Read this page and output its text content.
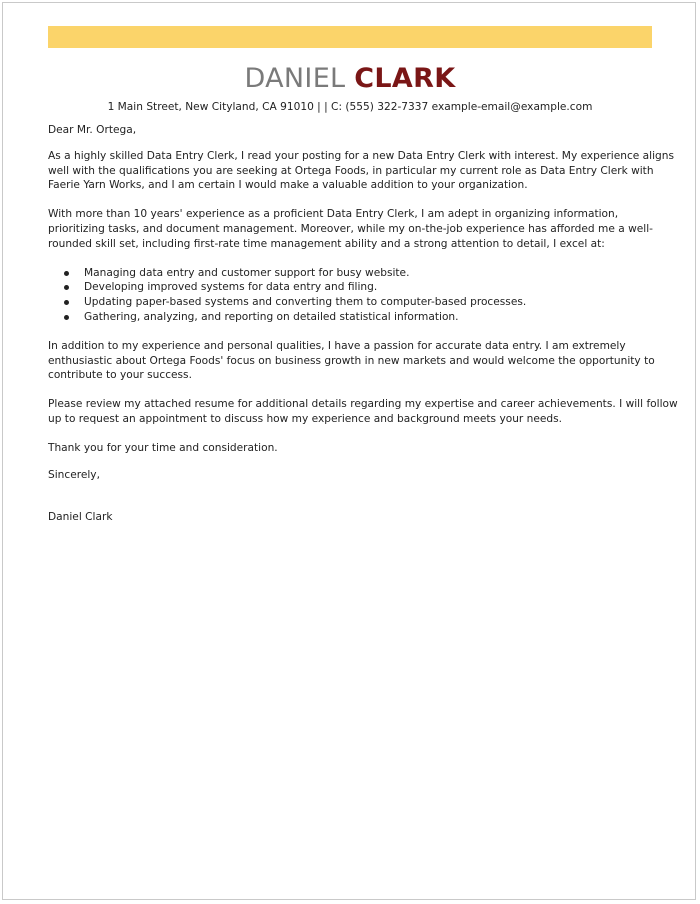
DANIEL CLARK
1 Main Street, New Cityland, CA 91010 | | C: (555) 322-7337 example-email@example.com

Dear Mr. Ortega,

As a highly skilled Data Entry Clerk, I read your posting for a new Data Entry Clerk with interest. My experience aligns

well with the qualifications you are seeking at Ortega Foods, in particular my current role as Data Entry Clerk with

Faerie Yarn Works, and I am certain I would make a valuable addition to your organization.

With more than 10 years' experience as a proficient Data Entry Clerk, I am adept in organizing information,

prioritizing tasks, and document management. Moreover, while my on-the-job experience has afforded me a well-

rounded skill set, including first-rate time management ability and a strong attention to detail, I excel at:

Managing data entry and customer support for busy website.
Developing improved systems for data entry and filing.
Updating paper-based systems and converting them to computer-based processes.
Gathering, analyzing, and reporting on detailed statistical information.

In addition to my experience and personal qualities, I have a passion for accurate data entry. I am extremely

enthusiastic about Ortega Foods' focus on business growth in new markets and would welcome the opportunity to

contribute to your success.

Please review my attached resume for additional details regarding my expertise and career achievements. I will follow

up to request an appointment to discuss how my experience and background meets your needs.

Thank you for your time and consideration.

Sincerely,

Daniel Clark
